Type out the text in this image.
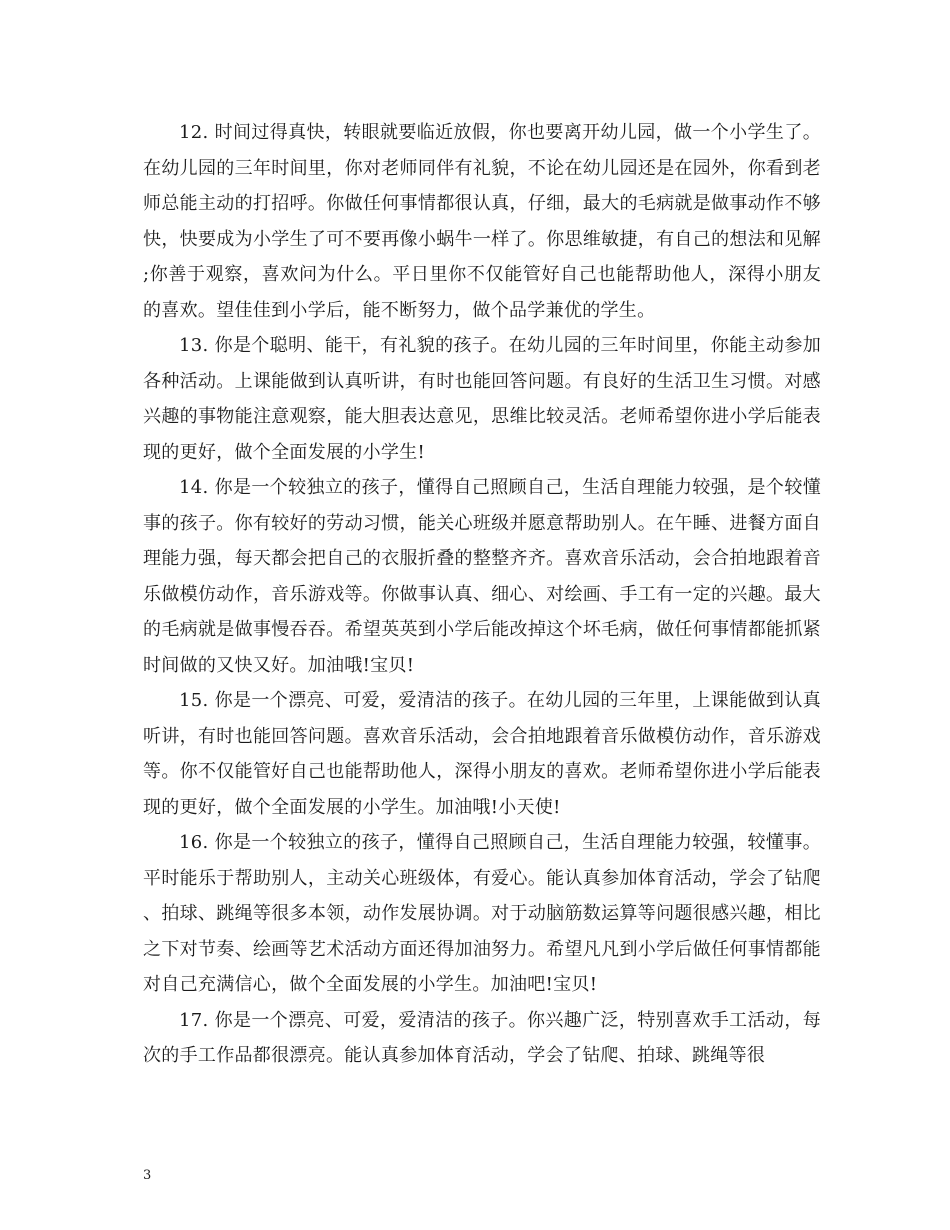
12. 时间过得真快，转眼就要临近放假，你也要离开幼儿园，做一个小学生了。在幼儿园的三年时间里，你对老师同伴有礼貌，不论在幼儿园还是在园外，你看到老师总能主动的打招呼。你做任何事情都很认真，仔细，最大的毛病就是做事动作不够快，快要成为小学生了可不要再像小蜗牛一样了。你思维敏捷，有自己的想法和见解;你善于观察，喜欢问为什么。平日里你不仅能管好自己也能帮助他人，深得小朋友的喜欢。望佳佳到小学后，能不断努力，做个品学兼优的学生。

13. 你是个聪明、能干，有礼貌的孩子。在幼儿园的三年时间里，你能主动参加各种活动。上课能做到认真听讲，有时也能回答问题。有良好的生活卫生习惯。对感兴趣的事物能注意观察，能大胆表达意见，思维比较灵活。老师希望你进小学后能表现的更好，做个全面发展的小学生!

14. 你是一个较独立的孩子，懂得自己照顾自己，生活自理能力较强，是个较懂事的孩子。你有较好的劳动习惯，能关心班级并愿意帮助别人。在午睡、进餐方面自理能力强，每天都会把自己的衣服折叠的整整齐齐。喜欢音乐活动，会合拍地跟着音乐做模仿动作，音乐游戏等。你做事认真、细心、对绘画、手工有一定的兴趣。最大的毛病就是做事慢吞吞。希望英英到小学后能改掉这个坏毛病，做任何事情都能抓紧时间做的又快又好。加油哦!宝贝!

15. 你是一个漂亮、可爱，爱清洁的孩子。在幼儿园的三年里，上课能做到认真听讲，有时也能回答问题。喜欢音乐活动，会合拍地跟着音乐做模仿动作，音乐游戏等。你不仅能管好自己也能帮助他人，深得小朋友的喜欢。老师希望你进小学后能表现的更好，做个全面发展的小学生。加油哦!小天使!

16. 你是一个较独立的孩子，懂得自己照顾自己，生活自理能力较强，较懂事。平时能乐于帮助别人，主动关心班级体，有爱心。能认真参加体育活动，学会了钻爬、拍球、跳绳等很多本领，动作发展协调。对于动脑筋数运算等问题很感兴趣，相比之下对节奏、绘画等艺术活动方面还得加油努力。希望凡凡到小学后做任何事情都能对自己充满信心，做个全面发展的小学生。加油吧!宝贝!

17. 你是一个漂亮、可爱，爱清洁的孩子。你兴趣广泛，特别喜欢手工活动，每次的手工作品都很漂亮。能认真参加体育活动，学会了钻爬、拍球、跳绳等很

3
